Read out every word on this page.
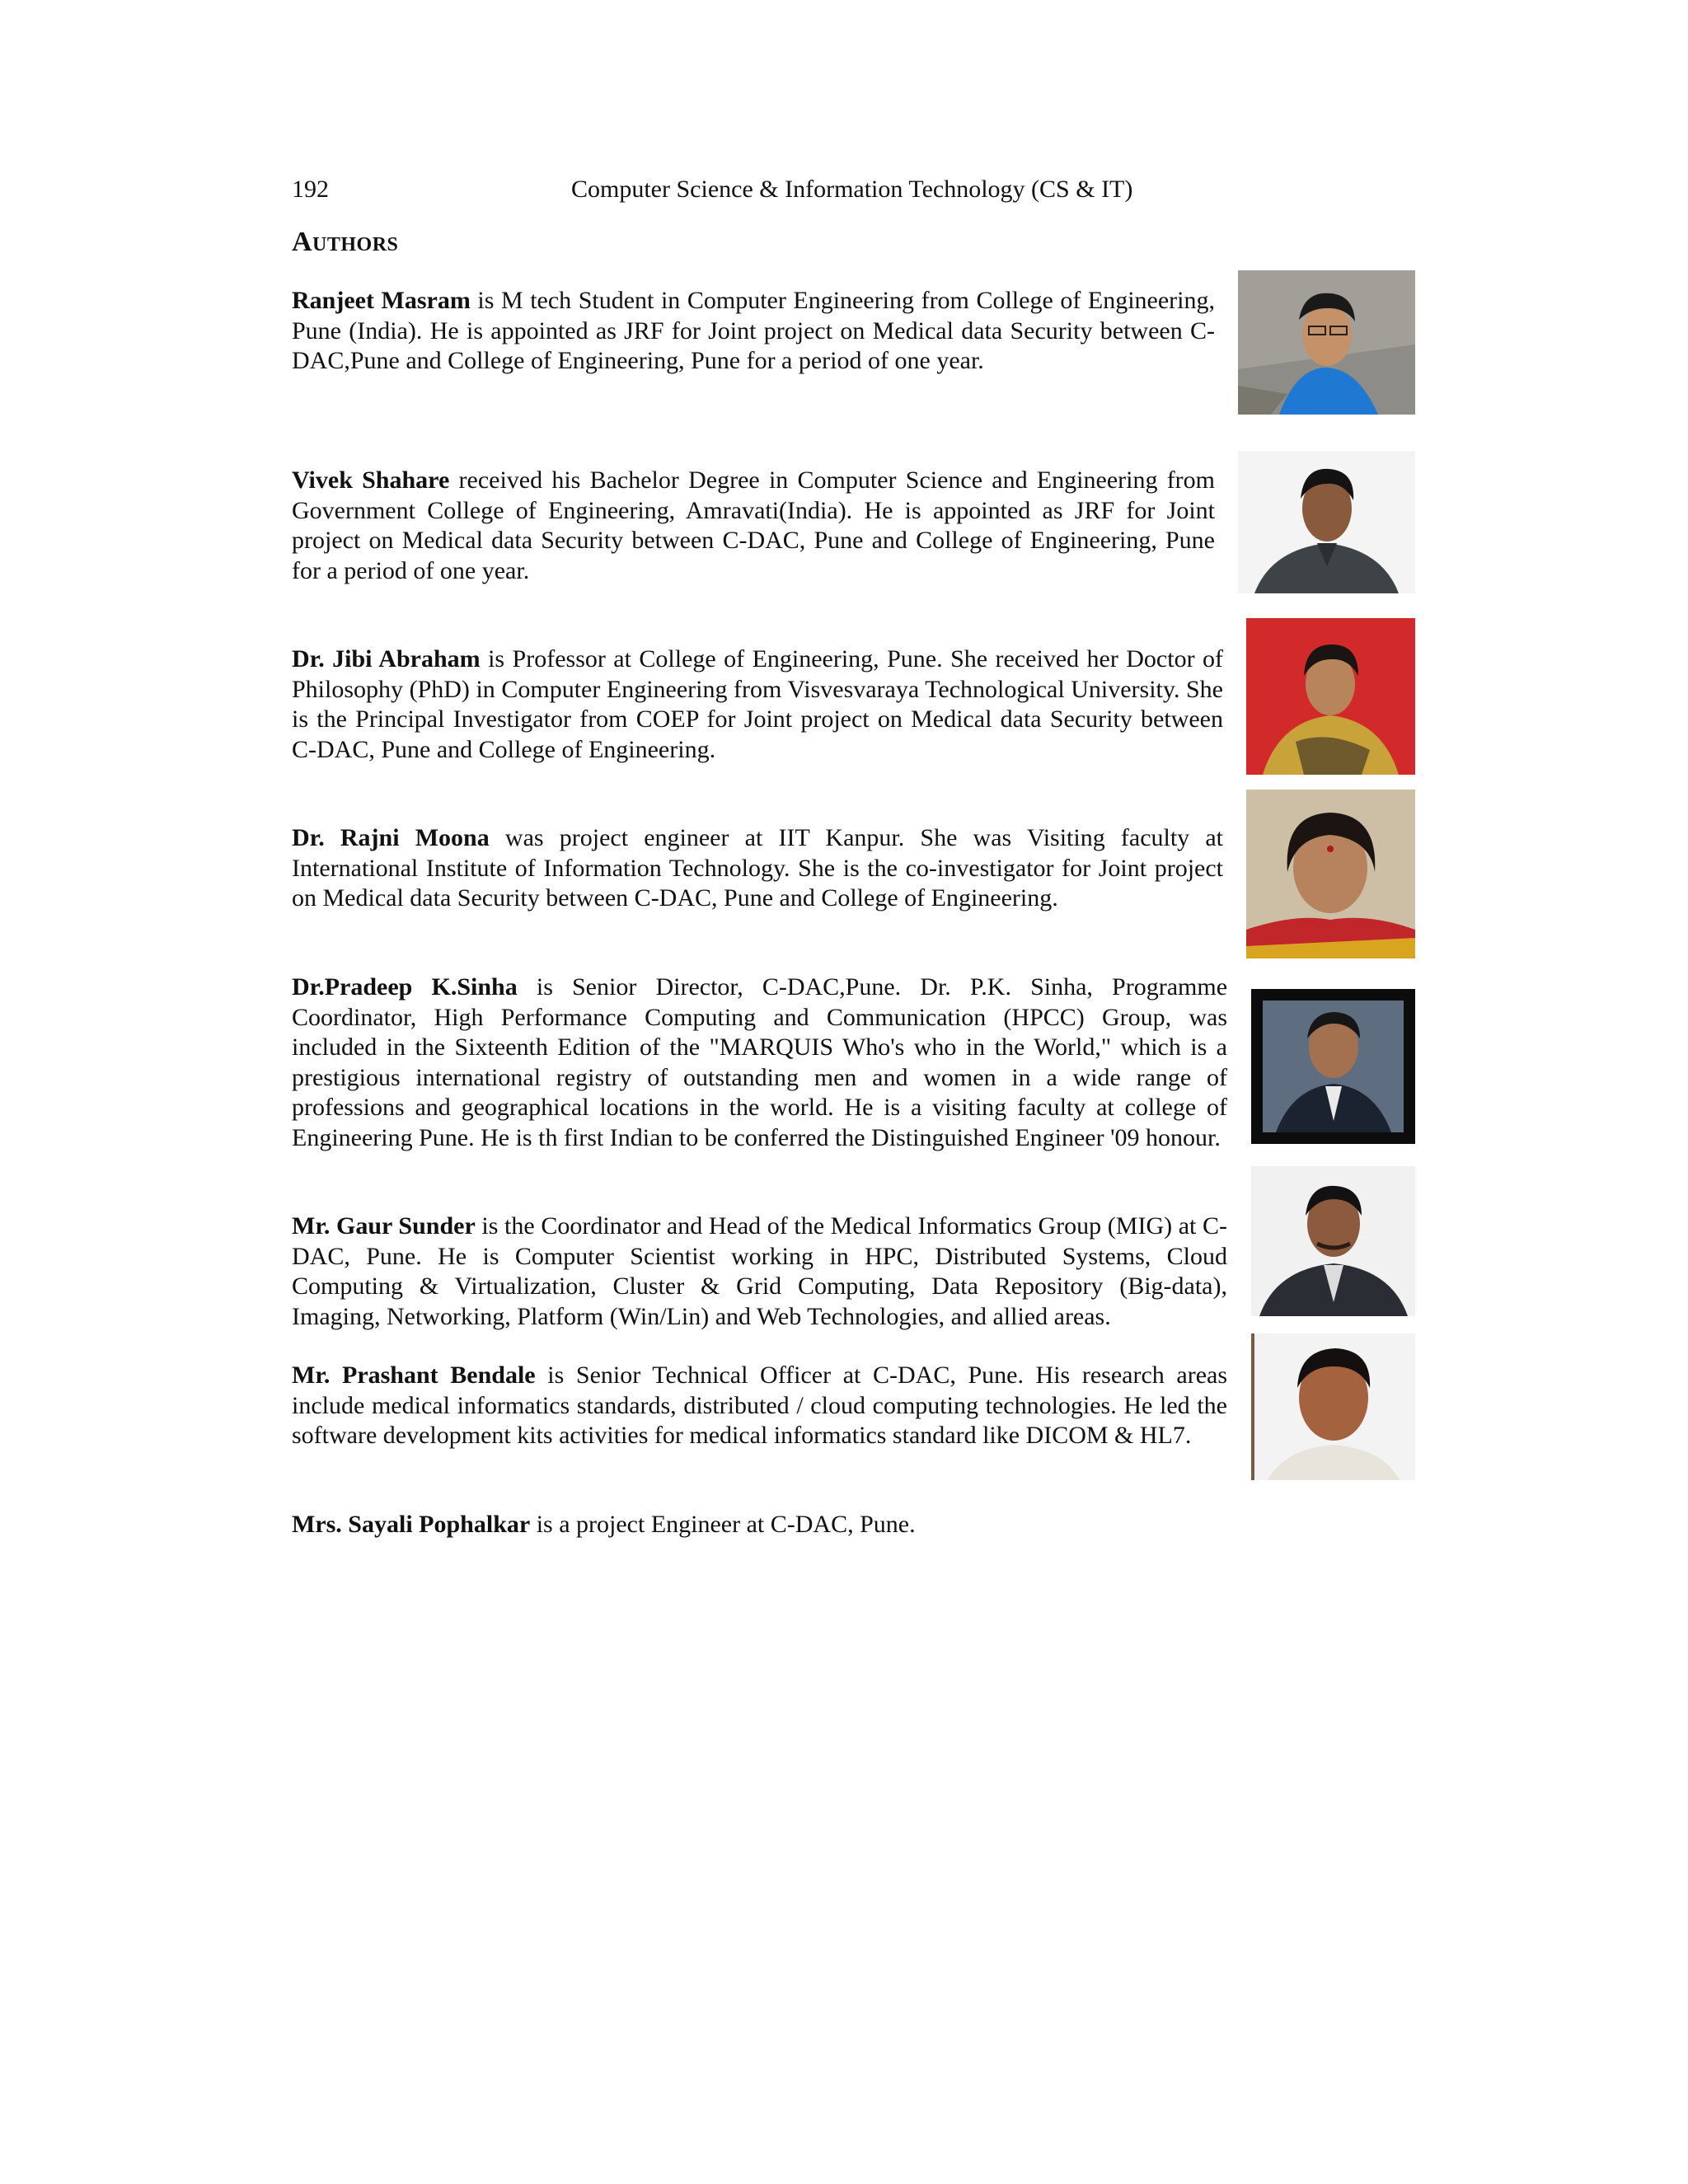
192	Computer Science & Information Technology (CS & IT)
Authors

Ranjeet Masram is M tech Student in Computer Engineering from College of Engineering, Pune (India). He is appointed as JRF for Joint project on Medical data Security between C-DAC,Pune and College of Engineering, Pune for a period of one year.

Vivek Shahare received his Bachelor Degree in Computer Science and Engineering from Government College of Engineering, Amravati(India). He is appointed as JRF for Joint project on Medical data Security between C-DAC, Pune and College of Engineering, Pune for a period of one year.

Dr. Jibi Abraham is Professor at College of Engineering, Pune. She received her Doctor of Philosophy (PhD) in Computer Engineering from Visvesvaraya Technological University. She is the Principal Investigator from COEP for Joint project on Medical data Security between C-DAC, Pune and College of Engineering.

Dr. Rajni Moona was project engineer at IIT Kanpur. She was Visiting faculty at International Institute of Information Technology. She is the co-investigator for Joint project on Medical data Security between C-DAC, Pune and College of Engineering.

Dr.Pradeep K.Sinha is Senior Director, C-DAC,Pune. Dr. P.K. Sinha, Programme Coordinator, High Performance Computing and Communication (HPCC) Group, was included in the Sixteenth Edition of the "MARQUIS Who's who in the World," which is a prestigious international registry of outstanding men and women in a wide range of professions and geographical locations in the world. He is a visiting faculty at college of Engineering Pune. He is th first Indian to be conferred the Distinguished Engineer '09 honour.

Mr. Gaur Sunder is the Coordinator and Head of the Medical Informatics Group (MIG) at C-DAC, Pune. He is Computer Scientist working in HPC, Distributed Systems, Cloud Computing & Virtualization, Cluster & Grid Computing, Data Repository (Big-data), Imaging, Networking, Platform (Win/Lin) and Web Technologies, and allied areas.

Mr. Prashant Bendale is Senior Technical Officer at C-DAC, Pune. His research areas include medical informatics standards, distributed / cloud computing technologies. He led the software development kits activities for medical informatics standard like DICOM & HL7.

Mrs. Sayali Pophalkar is a project Engineer at C-DAC, Pune.
